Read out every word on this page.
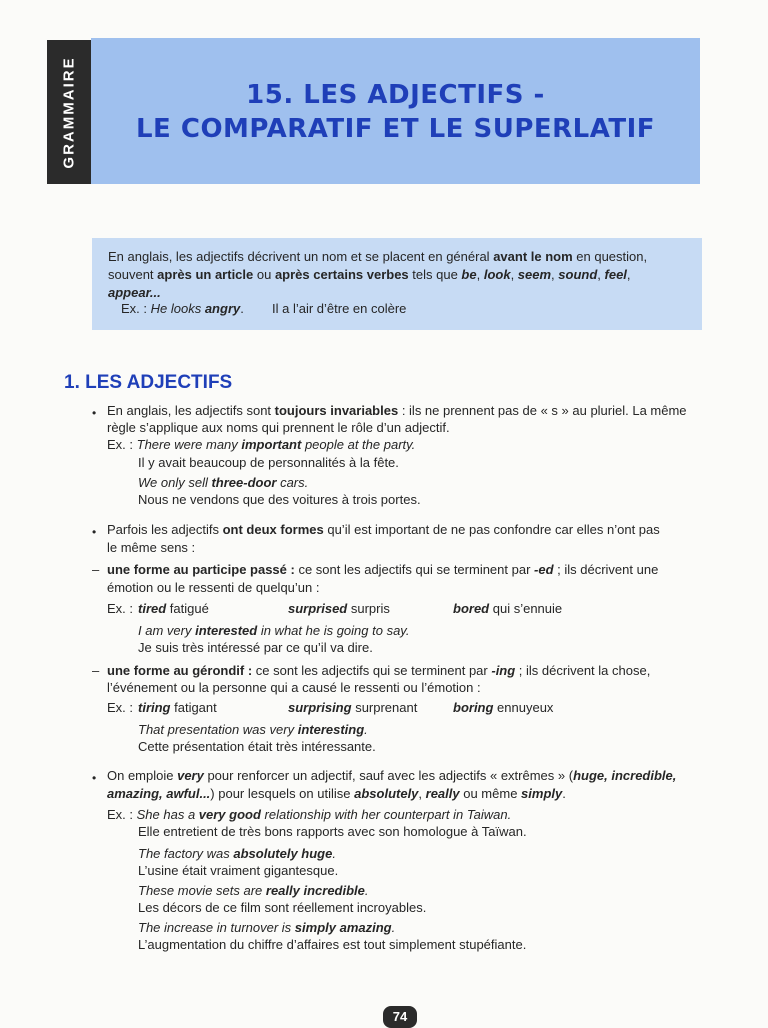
GRAMMAIRE	15. LES ADJECTIFS -
LE COMPARATIF ET LE SUPERLATIF
En anglais, les adjectifs décrivent un nom et se placent en général avant le nom en question,
souvent après un article ou après certains verbes tels que be, look, seem, sound, feel,
appear...
Ex. : He looks angry.	Il a l’air d’être en colère
1. LES ADJECTIFS
• En anglais, les adjectifs sont toujours invariables : ils ne prennent pas de « s » au pluriel. La même
règle s’applique aux noms qui prennent le rôle d’un adjectif.
Ex. : There were many important people at the party.
Il y avait beaucoup de personnalités à la fête.
We only sell three-door cars.
Nous ne vendons que des voitures à trois portes.
• Parfois les adjectifs ont deux formes qu’il est important de ne pas confondre car elles n’ont pas
le même sens :
– une forme au participe passé : ce sont les adjectifs qui se terminent par -ed ; ils décrivent une
émotion ou le ressenti de quelqu’un :
Ex. : tired fatigué	surprised surpris	bored qui s’ennuie
I am very interested in what he is going to say.
Je suis très intéressé par ce qu’il va dire.
– une forme au gérondif : ce sont les adjectifs qui se terminent par -ing ; ils décrivent la chose,
l’événement ou la personne qui a causé le ressenti ou l’émotion :
Ex. : tiring fatigant	surprising surprenant	boring ennuyeux
That presentation was very interesting.
Cette présentation était très intéressante.
• On emploie very pour renforcer un adjectif, sauf avec les adjectifs « extrêmes » (huge, incredible,
amazing, awful...) pour lesquels on utilise absolutely, really ou même simply.
Ex. : She has a very good relationship with her counterpart in Taiwan.
Elle entretient de très bons rapports avec son homologue à Taïwan.
The factory was absolutely huge.
L’usine était vraiment gigantesque.
These movie sets are really incredible.
Les décors de ce film sont réellement incroyables.
The increase in turnover is simply amazing.
L’augmentation du chiffre d’affaires est tout simplement stupéfiante.
74
